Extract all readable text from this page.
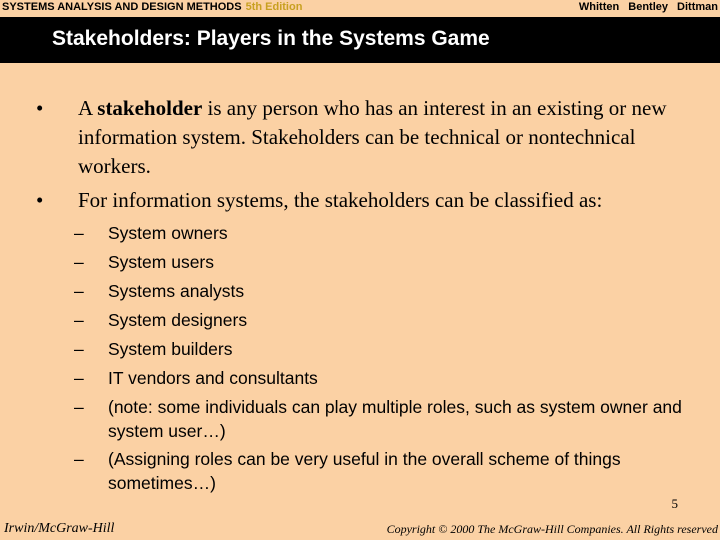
SYSTEMS ANALYSIS AND DESIGN METHODS 5th Edition	Whitten Bentley Dittman
Stakeholders: Players in the Systems Game
• A stakeholder is any person who has an interest in an existing or new information system. Stakeholders can be technical or nontechnical workers.
• For information systems, the stakeholders can be classified as:
– System owners
– System users
– Systems analysts
– System designers
– System builders
– IT vendors and consultants
– (note: some individuals can play multiple roles, such as system owner and system user…)
– (Assigning roles can be very useful in the overall scheme of things sometimes…)
5
Irwin/McGraw-Hill	Copyright © 2000 The McGraw-Hill Companies. All Rights reserved
